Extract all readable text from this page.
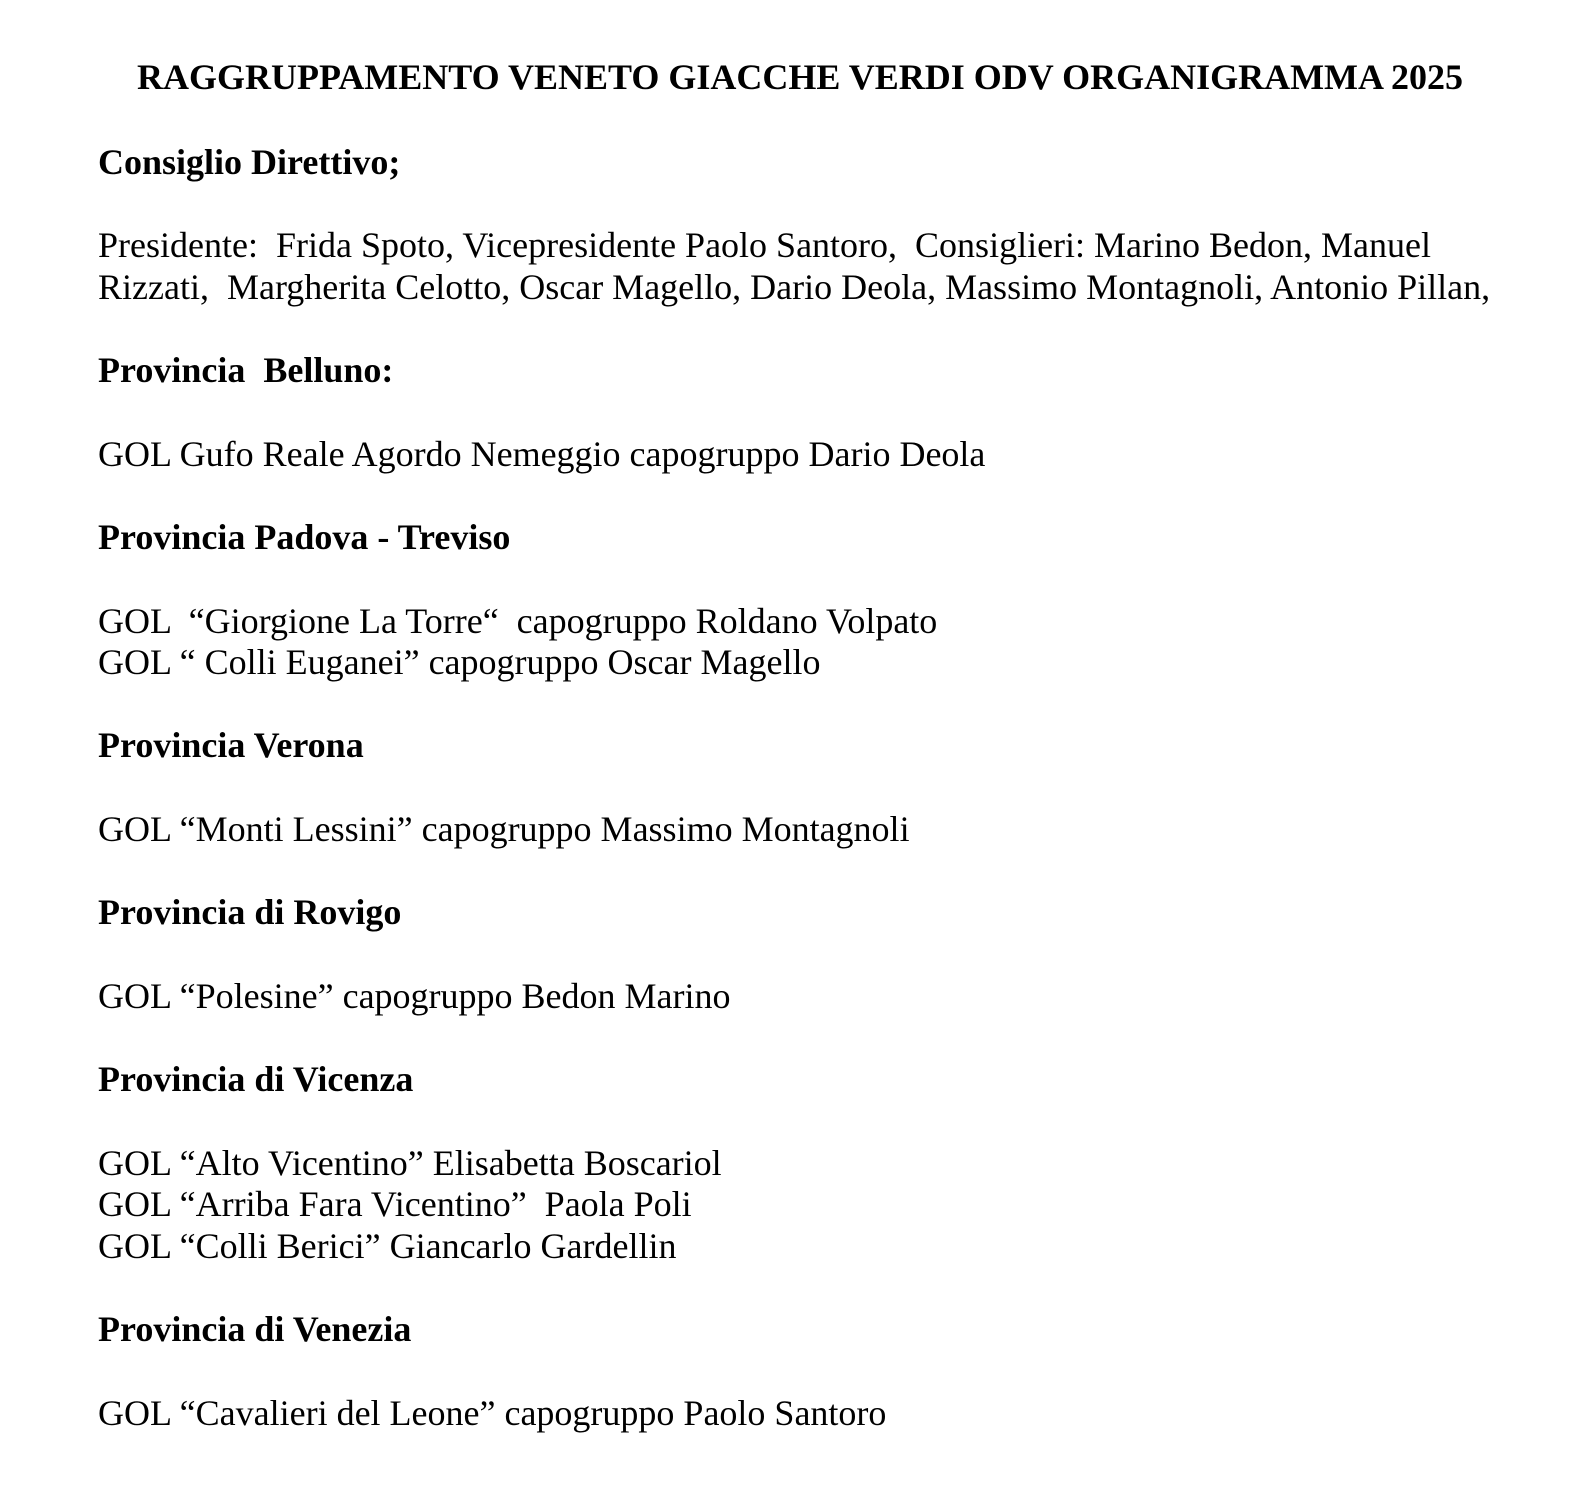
RAGGRUPPAMENTO VENETO GIACCHE VERDI ODV ORGANIGRAMMA 2025
Consiglio Direttivo;
Presidente:  Frida Spoto, Vicepresidente Paolo Santoro,  Consiglieri: Marino Bedon, Manuel
Rizzati,  Margherita Celotto, Oscar Magello, Dario Deola, Massimo Montagnoli, Antonio Pillan,
Provincia  Belluno:
GOL Gufo Reale Agordo Nemeggio capogruppo Dario Deola
Provincia Padova - Treviso
GOL  “Giorgione La Torre“  capogruppo Roldano Volpato
GOL “ Colli Euganei” capogruppo Oscar Magello
Provincia Verona
GOL “Monti Lessini” capogruppo Massimo Montagnoli
Provincia di Rovigo
GOL “Polesine” capogruppo Bedon Marino
Provincia di Vicenza
GOL “Alto Vicentino” Elisabetta Boscariol
GOL “Arriba Fara Vicentino”  Paola Poli
GOL “Colli Berici” Giancarlo Gardellin
Provincia di Venezia
GOL “Cavalieri del Leone” capogruppo Paolo Santoro
